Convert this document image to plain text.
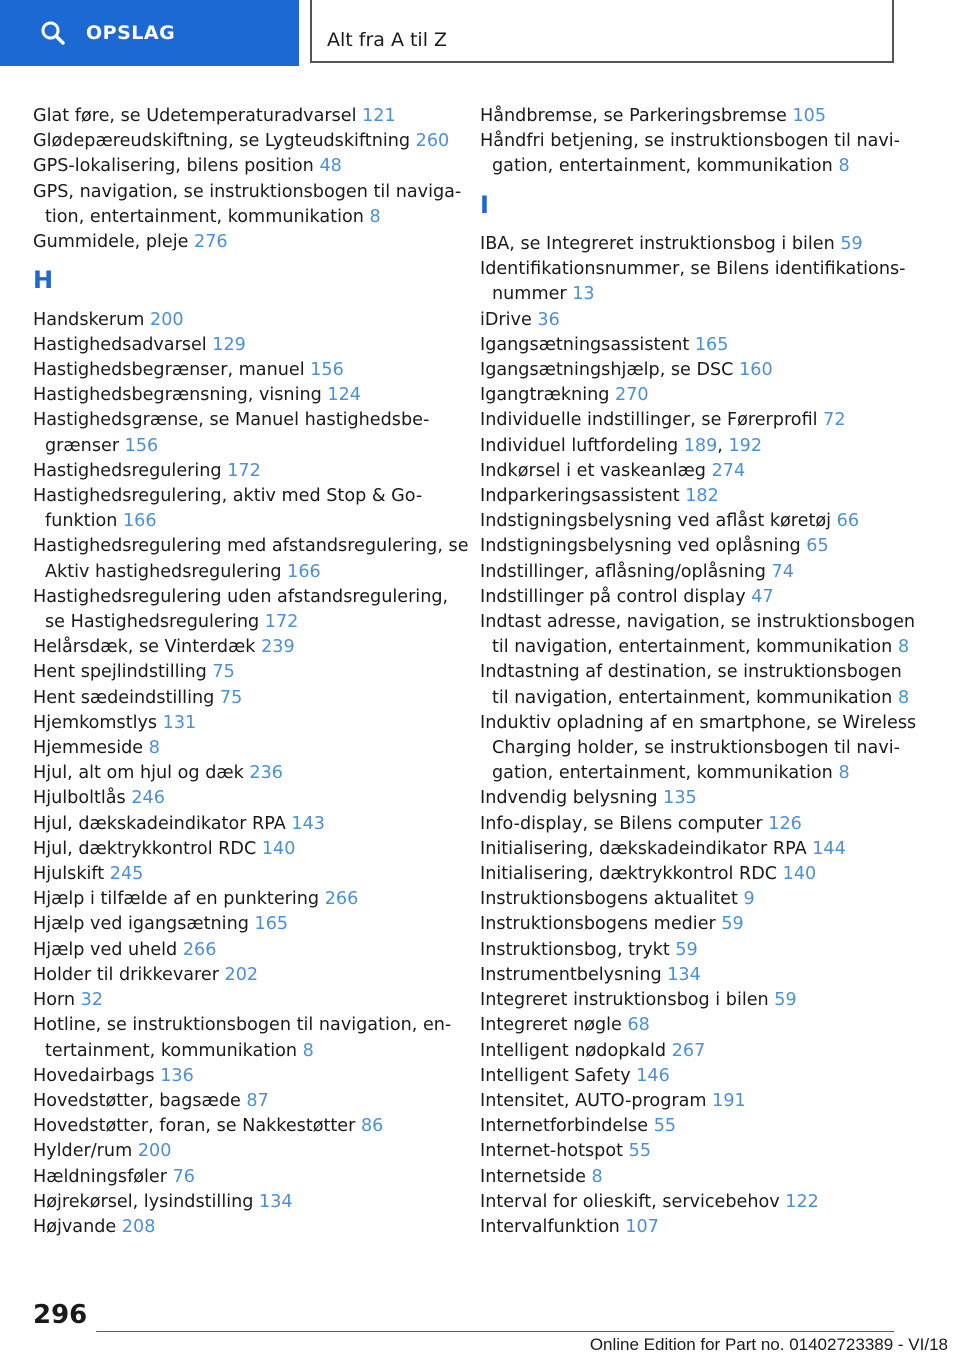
OPSLAG	Alt fra A til Z
Glat føre, se Udetemperaturadvarsel 121
Glødepæreudskiftning, se Lygteudskiftning 260
GPS-lokalisering, bilens position 48
GPS, navigation, se instruktionsbogen til naviga-
tion, entertainment, kommunikation 8
Gummidele, pleje 276
H
Handskerum 200
Hastighedsadvarsel 129
Hastighedsbegrænser, manuel 156
Hastighedsbegrænsning, visning 124
Hastighedsgrænse, se Manuel hastighedsbe-
grænser 156
Hastighedsregulering 172
Hastighedsregulering, aktiv med Stop & Go-
funktion 166
Hastighedsregulering med afstandsregulering, se
Aktiv hastighedsregulering 166
Hastighedsregulering uden afstandsregulering,
se Hastighedsregulering 172
Helårsdæk, se Vinterdæk 239
Hent spejlindstilling 75
Hent sædeindstilling 75
Hjemkomstlys 131
Hjemmeside 8
Hjul, alt om hjul og dæk 236
Hjulboltlås 246
Hjul, dækskadeindikator RPA 143
Hjul, dæktrykkontrol RDC 140
Hjulskift 245
Hjælp i tilfælde af en punktering 266
Hjælp ved igangsætning 165
Hjælp ved uheld 266
Holder til drikkevarer 202
Horn 32
Hotline, se instruktionsbogen til navigation, en-
tertainment, kommunikation 8
Hovedairbags 136
Hovedstøtter, bagsæde 87
Hovedstøtter, foran, se Nakkestøtter 86
Hylder/rum 200
Hældningsføler 76
Højrekørsel, lysindstilling 134
Højvande 208
Håndbremse, se Parkeringsbremse 105
Håndfri betjening, se instruktionsbogen til navi-
gation, entertainment, kommunikation 8
I
IBA, se Integreret instruktionsbog i bilen 59
Identifikationsnummer, se Bilens identifikations-
nummer 13
iDrive 36
Igangsætningsassistent 165
Igangsætningshjælp, se DSC 160
Igangtrækning 270
Individuelle indstillinger, se Førerprofil 72
Individuel luftfordeling 189, 192
Indkørsel i et vaskeanlæg 274
Indparkeringsassistent 182
Indstigningsbelysning ved aflåst køretøj 66
Indstigningsbelysning ved oplåsning 65
Indstillinger, aflåsning/oplåsning 74
Indstillinger på control display 47
Indtast adresse, navigation, se instruktionsbogen
til navigation, entertainment, kommunikation 8
Indtastning af destination, se instruktionsbogen
til navigation, entertainment, kommunikation 8
Induktiv opladning af en smartphone, se Wireless
Charging holder, se instruktionsbogen til navi-
gation, entertainment, kommunikation 8
Indvendig belysning 135
Info-display, se Bilens computer 126
Initialisering, dækskadeindikator RPA 144
Initialisering, dæktrykkontrol RDC 140
Instruktionsbogens aktualitet 9
Instruktionsbogens medier 59
Instruktionsbog, trykt 59
Instrumentbelysning 134
Integreret instruktionsbog i bilen 59
Integreret nøgle 68
Intelligent nødopkald 267
Intelligent Safety 146
Intensitet, AUTO-program 191
Internetforbindelse 55
Internet-hotspot 55
Internetside 8
Interval for olieskift, servicebehov 122
Intervalfunktion 107
296
Online Edition for Part no. 01402723389 - VI/18
